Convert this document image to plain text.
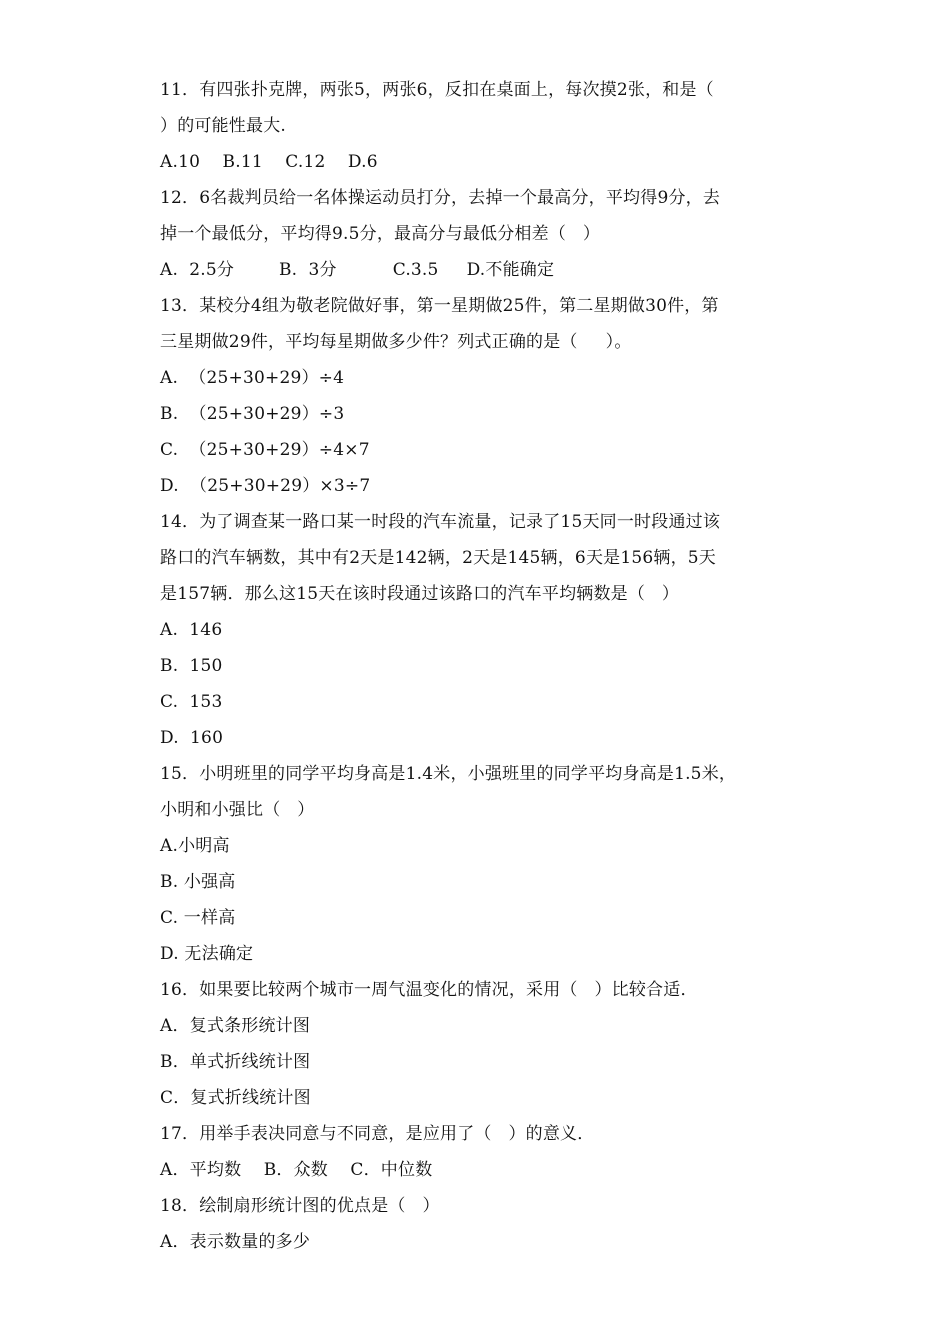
11．有四张扑克牌，两张5，两张6，反扣在桌面上，每次摸2张，和是（
）的可能性最大.
A.10    B.11    C.12    D.6
12．6名裁判员给一名体操运动员打分，去掉一个最高分，平均得9分，去
掉一个最低分，平均得9.5分，最高分与最低分相差（   ）
A.  2.5分        B.  3分          C.3.5     D.不能确定
13．某校分4组为敬老院做好事，第一星期做25件，第二星期做30件，第
三星期做29件，平均每星期做多少件？列式正确的是（     ）。
A.  （25+30+29）÷4
B.  （25+30+29）÷3
C.  （25+30+29）÷4×7
D.  （25+30+29）×3÷7
14．为了调查某一路口某一时段的汽车流量，记录了15天同一时段通过该
路口的汽车辆数，其中有2天是142辆，2天是145辆，6天是156辆，5天
是157辆．那么这15天在该时段通过该路口的汽车平均辆数是（   ）
A.  146
B.  150
C.  153
D.  160
15．小明班里的同学平均身高是1.4米，小强班里的同学平均身高是1.5米，
小明和小强比（   ）
A.小明高
B. 小强高
C. 一样高
D. 无法确定
16．如果要比较两个城市一周气温变化的情况，采用（   ）比较合适．
A．复式条形统计图
B．单式折线统计图
C．复式折线统计图
17．用举手表决同意与不同意，是应用了（   ）的意义．
A．平均数    B．众数    C．中位数
18．绘制扇形统计图的优点是（   ）
A．表示数量的多少
